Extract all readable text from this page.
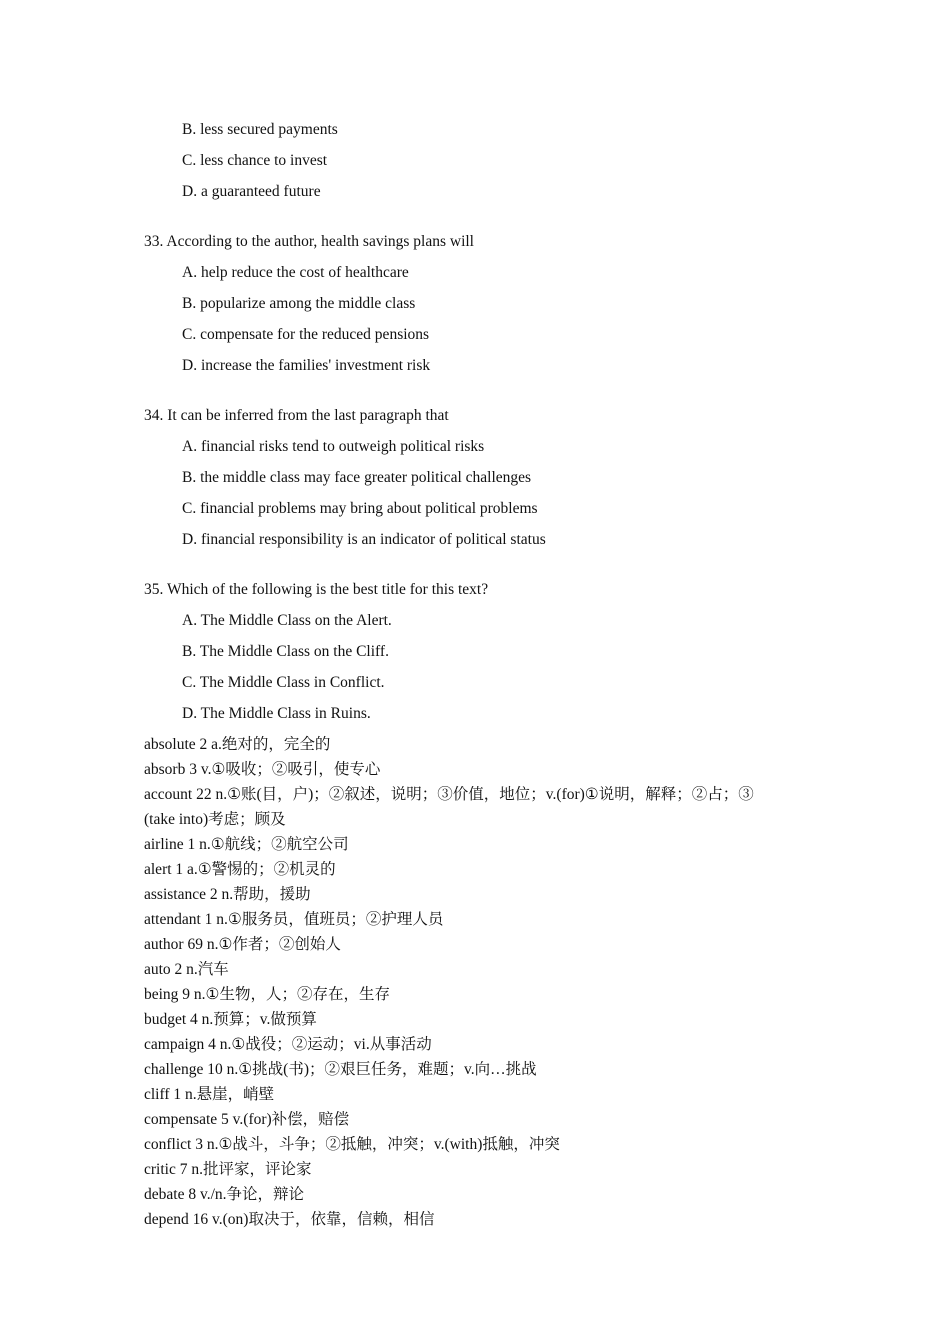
B. less secured payments
C. less chance to invest
D. a guaranteed future
33. According to the author, health savings plans will
A. help reduce the cost of healthcare
B. popularize among the middle class
C. compensate for the reduced pensions
D. increase the families' investment risk
34. It can be inferred from the last paragraph that
A. financial risks tend to outweigh political risks
B. the middle class may face greater political challenges
C. financial problems may bring about political problems
D. financial responsibility is an indicator of political status
35. Which of the following is the best title for this text?
A. The Middle Class on the Alert.
B. The Middle Class on the Cliff.
C. The Middle Class in Conflict.
D. The Middle Class in Ruins.
absolute 2 a.绝对的，完全的
absorb 3 v.①吸收；②吸引，使专心
account 22 n.①账(目，户)；②叙述，说明；③价值，地位；v.(for)①说明，解释；②占；③
(take into)考虑；顾及
airline 1 n.①航线；②航空公司
alert 1 a.①警惕的；②机灵的
assistance 2 n.帮助，援助
attendant 1 n.①服务员，值班员；②护理人员
author 69 n.①作者；②创始人
auto 2 n.汽车
being 9 n.①生物，人；②存在，生存
budget 4 n.预算；v.做预算
campaign 4 n.①战役；②运动；vi.从事活动
challenge 10 n.①挑战(书)；②艰巨任务，难题；v.向…挑战
cliff 1 n.悬崖，峭壁
compensate 5 v.(for)补偿，赔偿
conflict 3 n.①战斗，斗争；②抵触，冲突；v.(with)抵触，冲突
critic 7 n.批评家，评论家
debate 8 v./n.争论，辩论
depend 16 v.(on)取决于，依靠，信赖，相信
